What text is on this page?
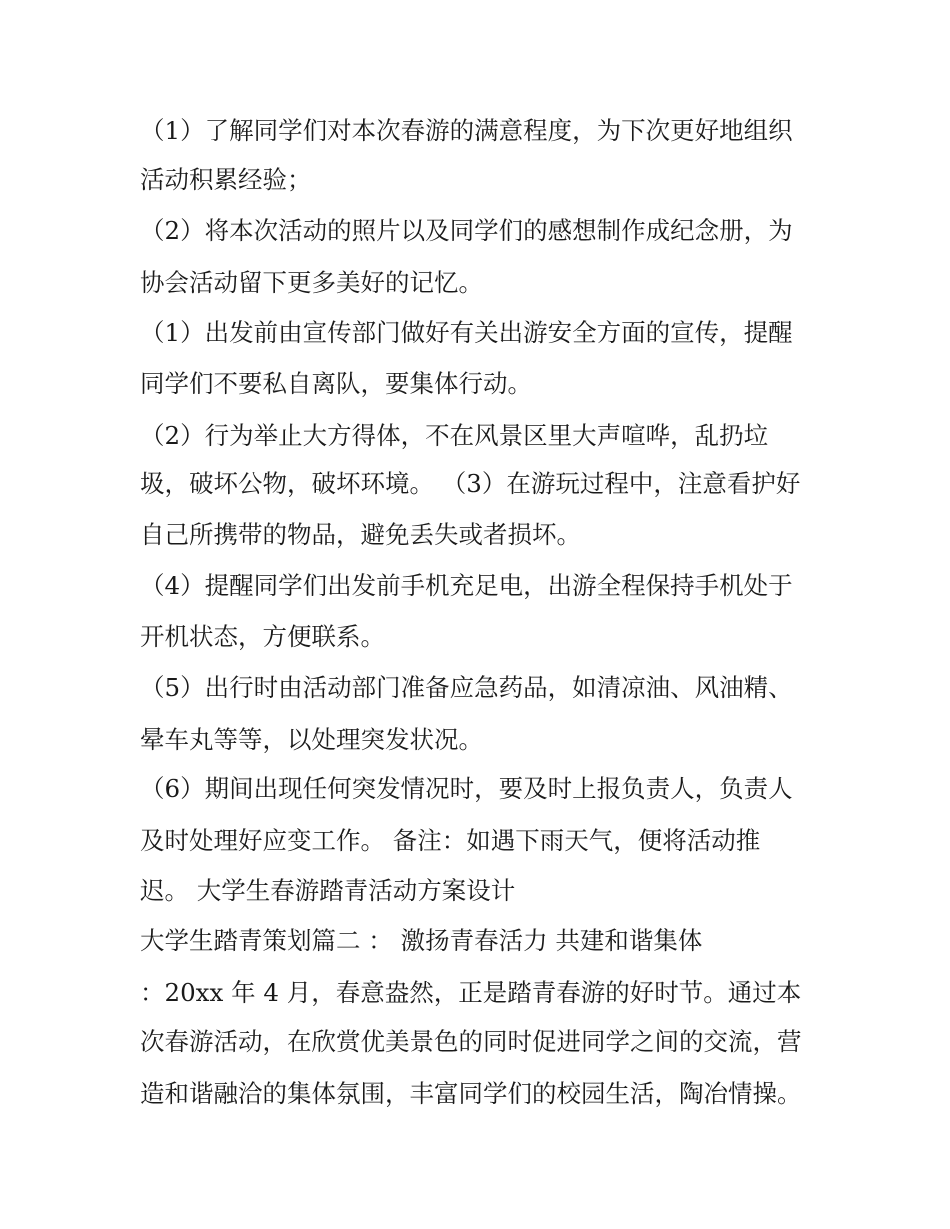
（1）了解同学们对本次春游的满意程度，为下次更好地组织
活动积累经验；
（2）将本次活动的照片以及同学们的感想制作成纪念册，为
协会活动留下更多美好的记忆。
（1）出发前由宣传部门做好有关出游安全方面的宣传，提醒
同学们不要私自离队，要集体行动。
（2）行为举止大方得体，不在风景区里大声喧哗，乱扔垃
圾，破坏公物，破坏环境。 （3）在游玩过程中，注意看护好
自己所携带的物品，避免丢失或者损坏。
（4）提醒同学们出发前手机充足电，出游全程保持手机处于
开机状态，方便联系。
（5）出行时由活动部门准备应急药品，如清凉油、风油精、
晕车丸等等，以处理突发状况。
（6）期间出现任何突发情况时，要及时上报负责人，负责人
及时处理好应变工作。 备注：如遇下雨天气，便将活动推
迟。 大学生春游踏青活动方案设计
大学生踏青策划篇二 ： 激扬青春活力 共建和谐集体
：20xx 年 4 月，春意盎然，正是踏青春游的好时节。通过本
次春游活动，在欣赏优美景色的同时促进同学之间的交流，营
造和谐融洽的集体氛围，丰富同学们的校园生活，陶冶情操。
